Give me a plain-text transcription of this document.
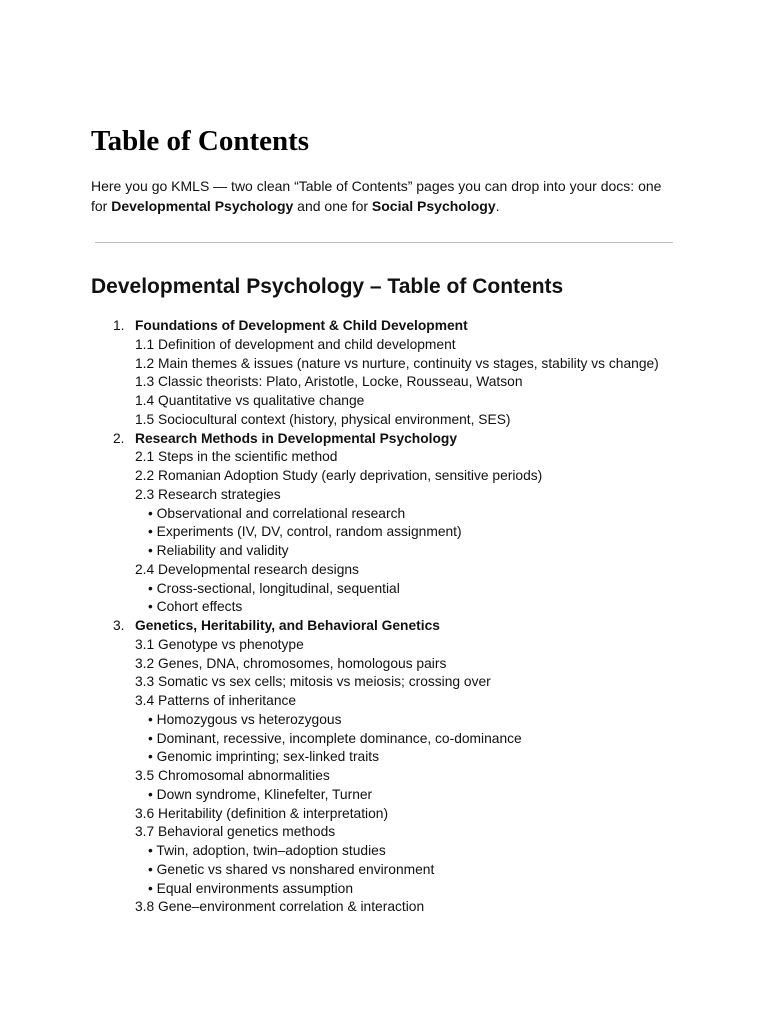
Table of Contents

Here you go KMLS — two clean “Table of Contents” pages you can drop into your docs: one for Developmental Psychology and one for Social Psychology.

Developmental Psychology – Table of Contents
1. Foundations of Development & Child Development
1.1 Definition of development and child development
1.2 Main themes & issues (nature vs nurture, continuity vs stages, stability vs change)
1.3 Classic theorists: Plato, Aristotle, Locke, Rousseau, Watson
1.4 Quantitative vs qualitative change
1.5 Sociocultural context (history, physical environment, SES)
2. Research Methods in Developmental Psychology
2.1 Steps in the scientific method
2.2 Romanian Adoption Study (early deprivation, sensitive periods)
2.3 Research strategies
• Observational and correlational research
• Experiments (IV, DV, control, random assignment)
• Reliability and validity
2.4 Developmental research designs
• Cross-sectional, longitudinal, sequential
• Cohort effects
3. Genetics, Heritability, and Behavioral Genetics
3.1 Genotype vs phenotype
3.2 Genes, DNA, chromosomes, homologous pairs
3.3 Somatic vs sex cells; mitosis vs meiosis; crossing over
3.4 Patterns of inheritance
• Homozygous vs heterozygous
• Dominant, recessive, incomplete dominance, co-dominance
• Genomic imprinting; sex-linked traits
3.5 Chromosomal abnormalities
• Down syndrome, Klinefelter, Turner
3.6 Heritability (definition & interpretation)
3.7 Behavioral genetics methods
• Twin, adoption, twin–adoption studies
• Genetic vs shared vs nonshared environment
• Equal environments assumption
3.8 Gene–environment correlation & interaction
